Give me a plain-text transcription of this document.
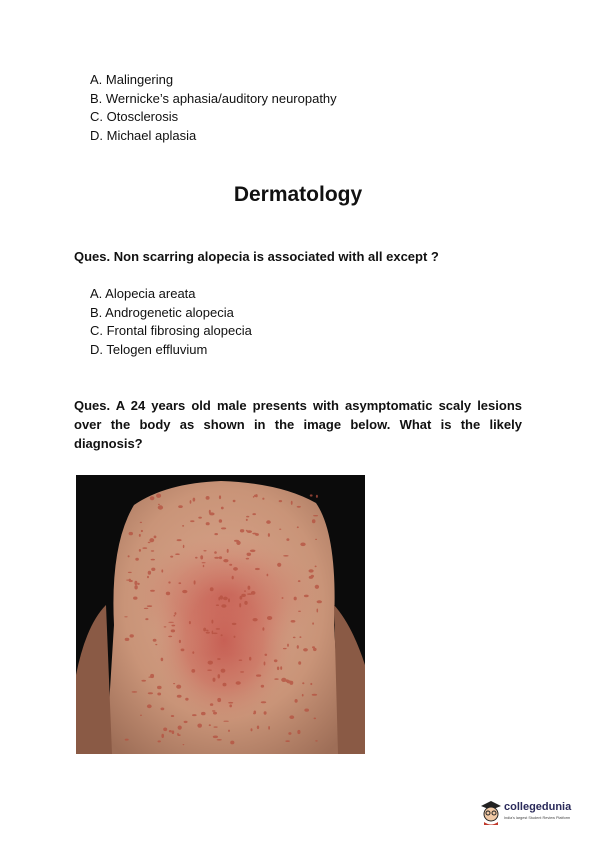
A. Malingering
B. Wernicke’s aphasia/auditory neuropathy
C. Otosclerosis
D. Michael aplasia
Dermatology

Ques. Non scarring alopecia is associated with all except ?

A. Alopecia areata
B. Androgenetic alopecia
C. Frontal fibrosing alopecia
D. Telogen effluvium

Ques. A 24 years old male presents with asymptomatic scaly lesions over the body as shown in the image below. What is the likely diagnosis?

collegedunia
India's largest Student Review Platform
